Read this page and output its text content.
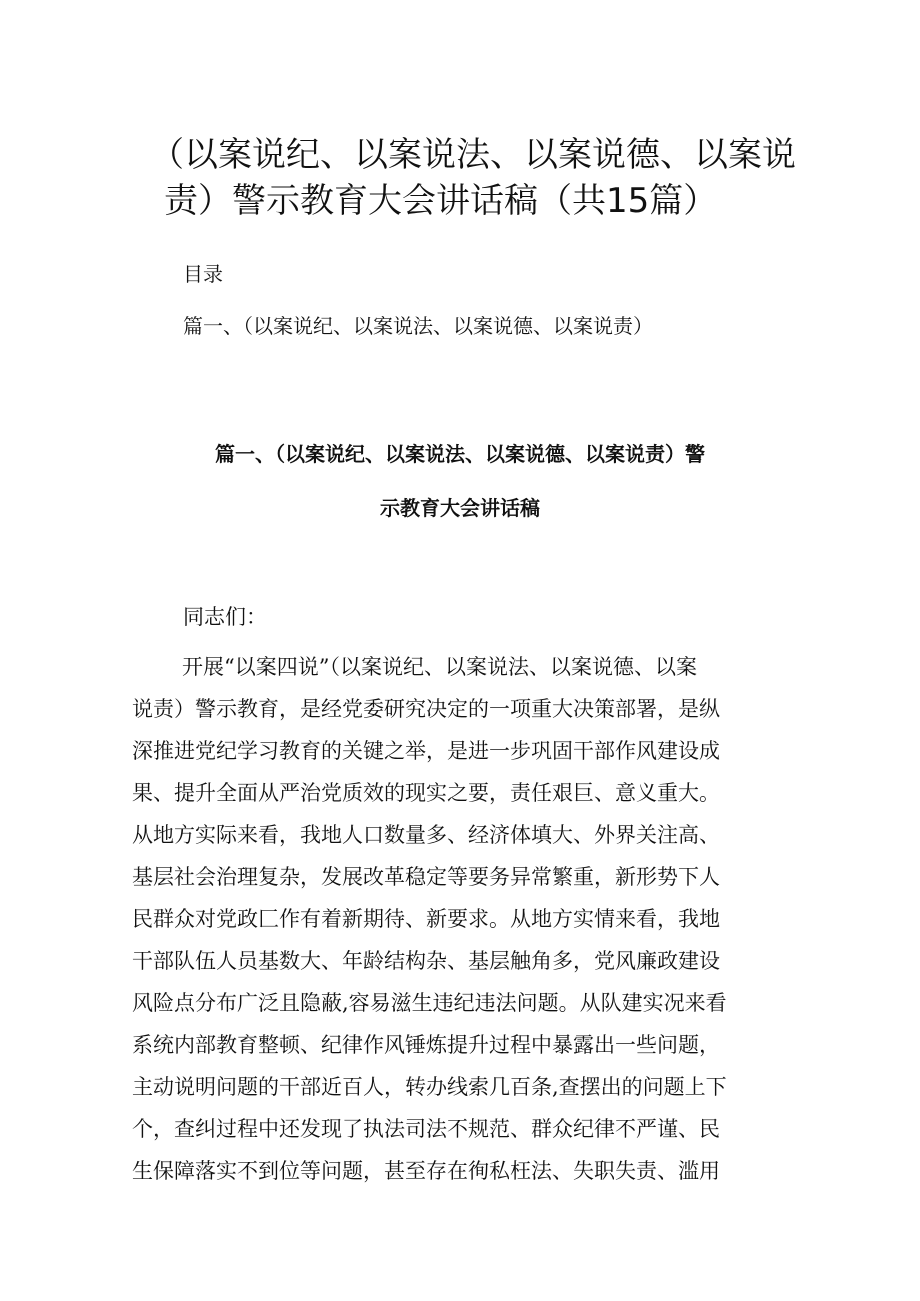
（以案说纪、以案说法、以案说德、以案说
责）警示教育大会讲话稿（共15篇）
目录
篇一、（以案说纪、以案说法、以案说德、以案说责）
篇一、（以案说纪、以案说法、以案说德、以案说责）警
示教育大会讲话稿
同志们：
开展“以案四说”（以案说纪、以案说法、以案说德、以案
说责）警示教育，是经党委研究决定的一项重大决策部署，是纵
深推进党纪学习教育的关键之举，是进一步巩固干部作风建设成
果、提升全面从严治党质效的现实之要，责任艰巨、意义重大。
从地方实际来看，我地人口数量多、经济体填大、外界关注高、
基层社会治理复杂，发展改革稳定等要务异常繁重，新形势下人
民群众对党政匚作有着新期待、新要求。从地方实情来看，我地
干部队伍人员基数大、年龄结构杂、基层触角多，党风廉政建设
风险点分布广泛且隐蔽,容易滋生违纪违法问题。从队建实况来看
系统内部教育整顿、纪律作风锤炼提升过程中暴露出一些问题，
主动说明问题的干部近百人，转办线索几百条,查摆出的问题上下
个，查纠过程中还发现了执法司法不规范、群众纪律不严谨、民
生保障落实不到位等问题，甚至存在徇私枉法、失职失责、滥用
